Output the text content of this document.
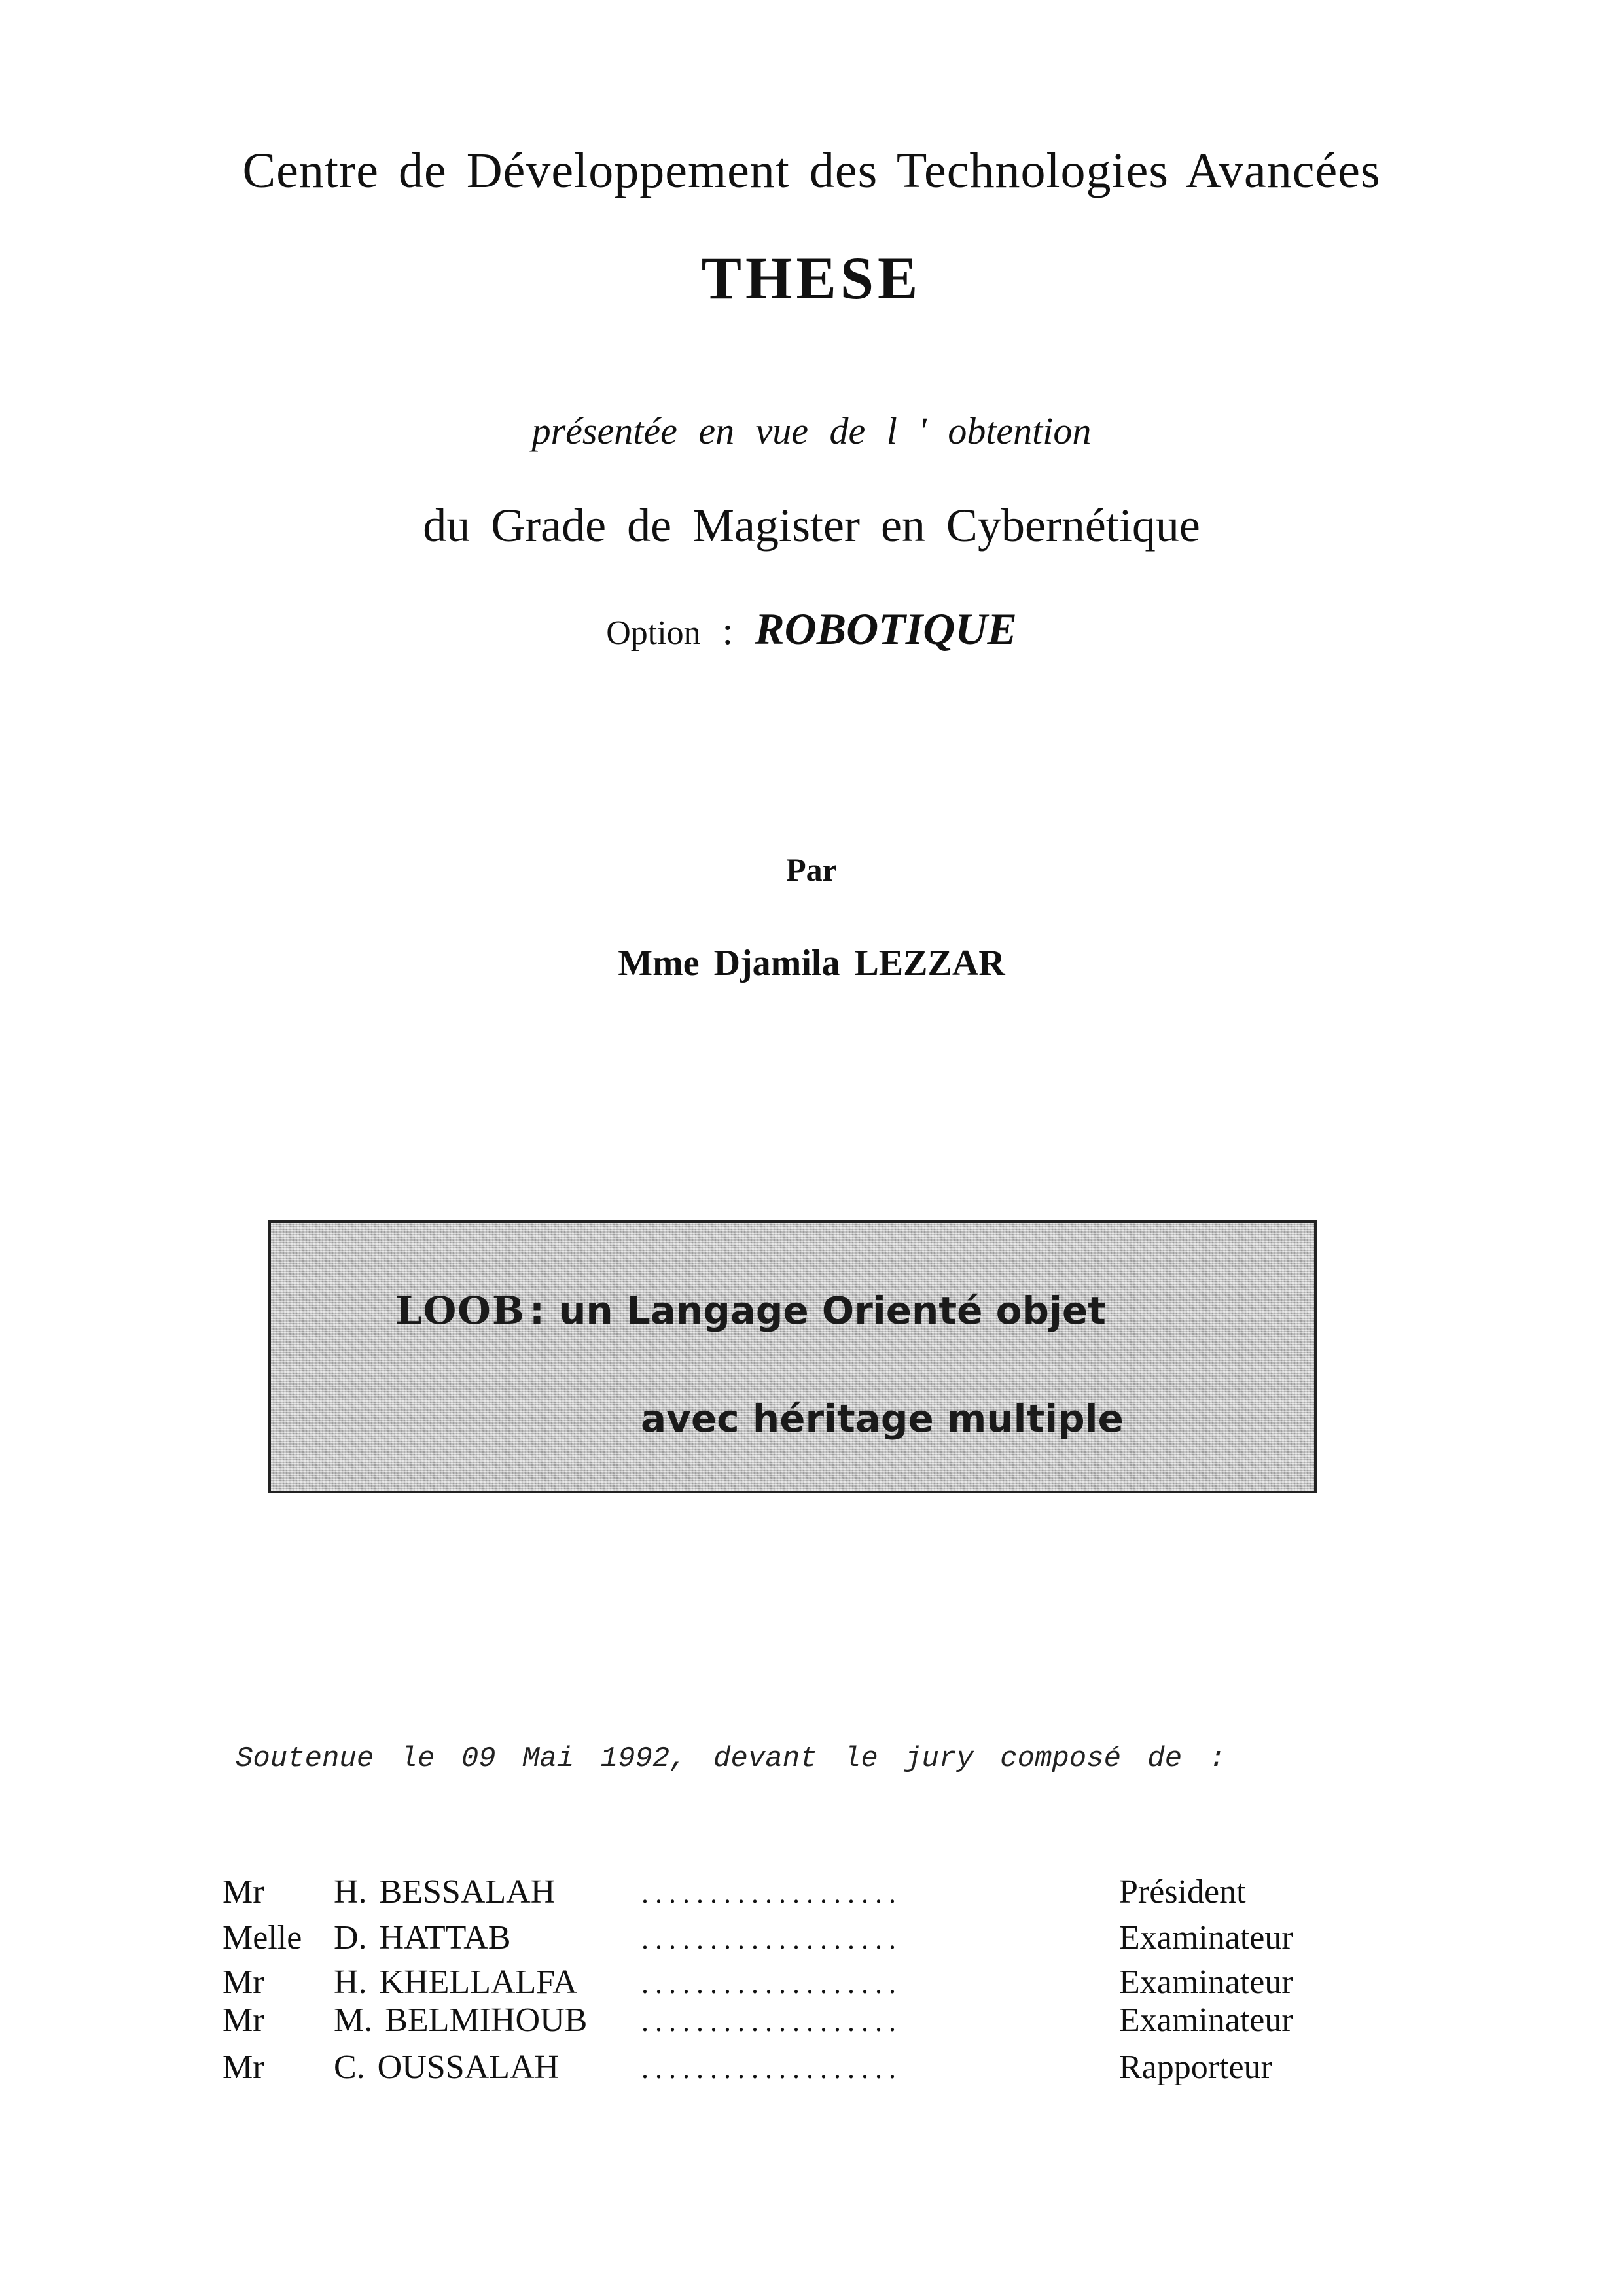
Centre de Développement des Technologies Avancées
THESE
présentée en vue de l ' obtention
du Grade de Magister en Cybernétique
Option : ROBOTIQUE
Par
Mme Djamila LEZZAR
LOOB : un Langage Orienté objet
avec héritage multiple
Soutenue le 09 Mai 1992, devant le jury composé de :
Mr H. BESSALAH	...................	Président
Melle D. HATTAB	...................	Examinateur
Mr H. KHELLALFA ...................	Examinateur
Mr M. BELMIHOUB ...................	Examinateur
Mr C. OUSSALAH	...................	Rapporteur
